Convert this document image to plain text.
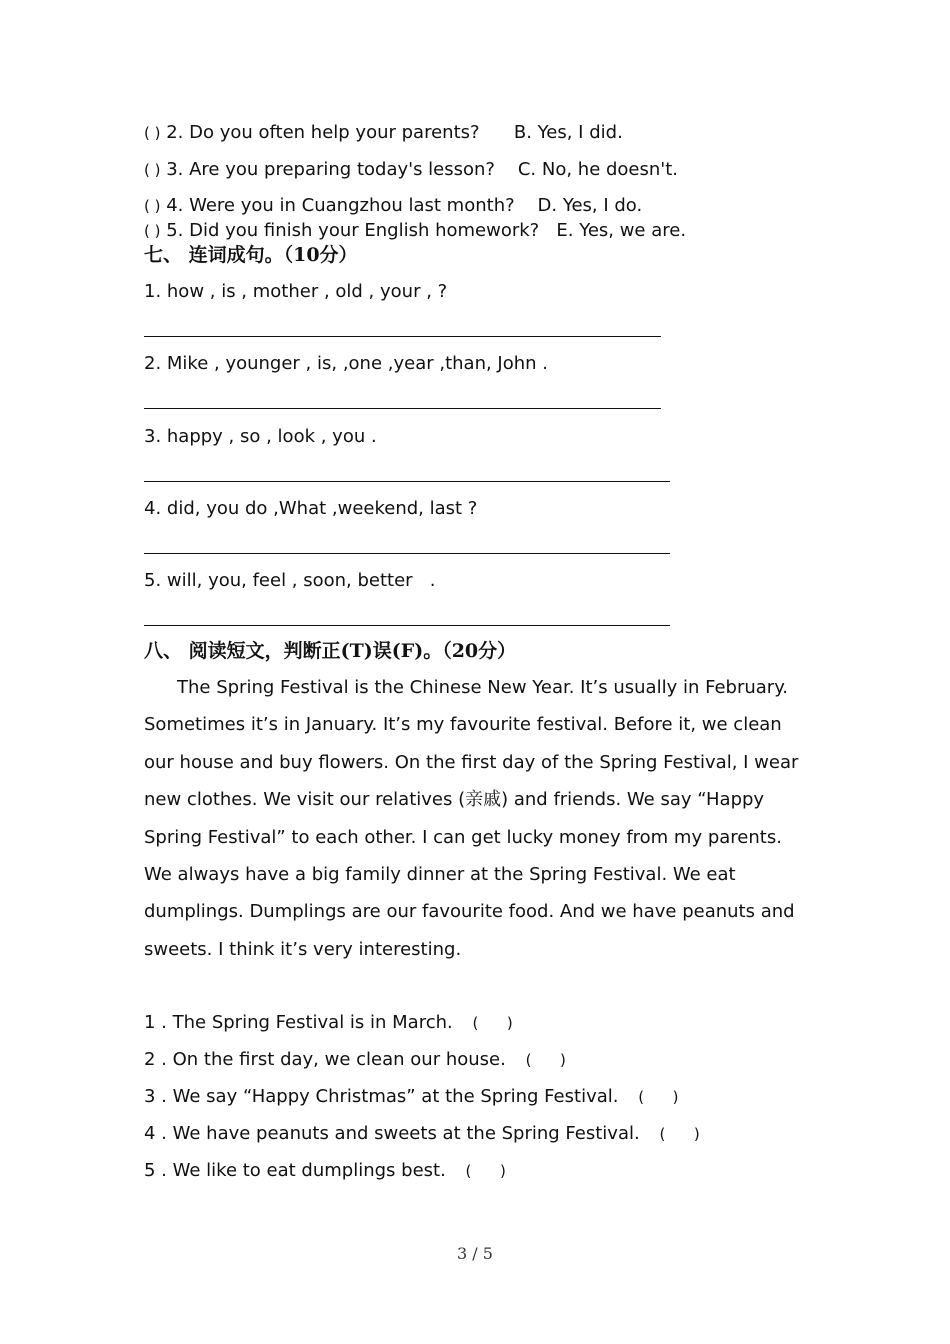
( ) 2. Do you often help your parents?      B. Yes, I did.
( ) 3. Are you preparing today's lesson?    C. No, he doesn't.
( ) 4. Were you in Cuangzhou last month?    D. Yes, I do.
( ) 5. Did you finish your English homework?   E. Yes, we are.
七、 连词成句。（10分）
1. how , is , mother , old , your , ?
2. Mike , younger , is, ,one ,year ,than, John .
3. happy , so , look , you .
4. did, you do ,What ,weekend, last ?
5. will, you, feel , soon, better   .
八、 阅读短文，判断正(T)误(F)。（20分）
The Spring Festival is the Chinese New Year. It’s usually in February. Sometimes it’s in January. It’s my favourite festival. Before it, we clean our house and buy flowers. On the first day of the Spring Festival, I wear new clothes. We visit our relatives (亲戚) and friends. We say “Happy Spring Festival” to each other. I can get lucky money from my parents. We always have a big family dinner at the Spring Festival. We eat dumplings. Dumplings are our favourite food. And we have peanuts and sweets. I think it’s very interesting.
1 . The Spring Festival is in March. (      )
2 . On the first day, we clean our house. (      )
3 . We say “Happy Christmas” at the Spring Festival. (      )
4 . We have peanuts and sweets at the Spring Festival. (      )
5 . We like to eat dumplings best. (      )
3 / 5
